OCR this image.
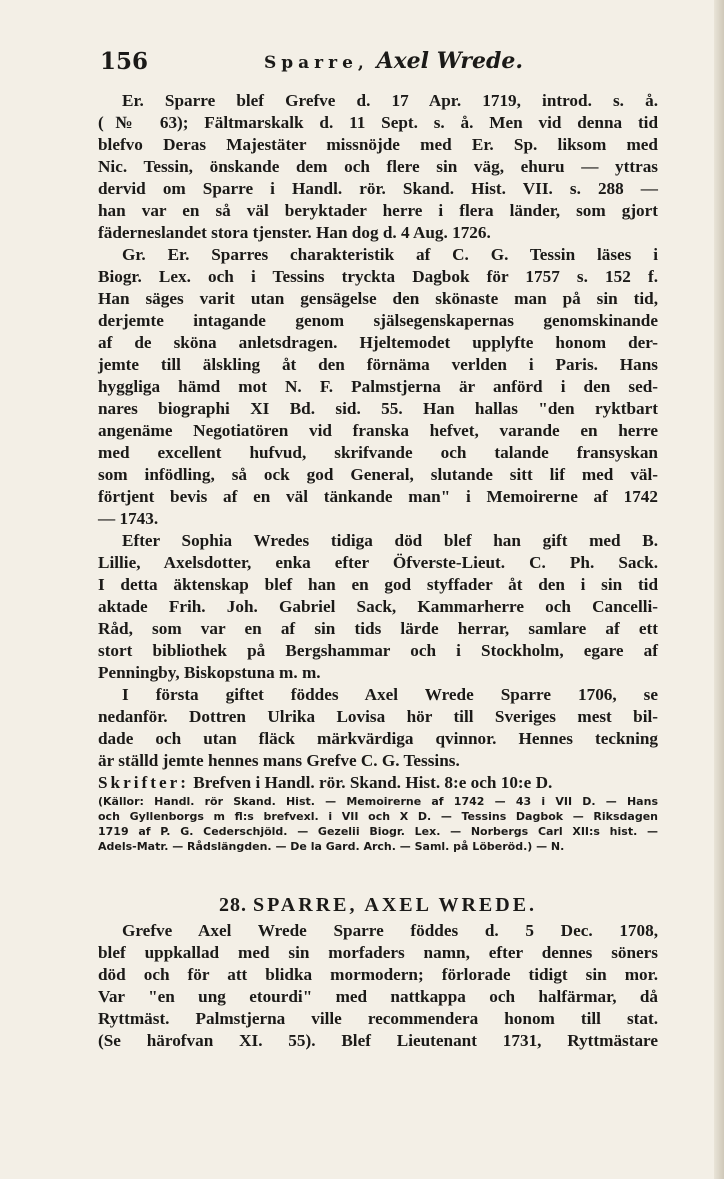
156	Sparre, Axel Wrede.

Er. Sparre blef Grefve d. 17 Apr. 1719, introd. s. å.
(№ 63); Fältmarskalk d. 11 Sept. s. å. Men vid denna tid
blefvo Deras Majestäter missnöjde med Er. Sp. liksom med
Nic. Tessin, önskande dem och flere sin väg, ehuru — yttras
dervid om Sparre i Handl. rör. Skand. Hist. VII. s. 288 —
han var en så väl beryktader herre i flera länder, som gjort
fäderneslandet stora tjenster. Han dog d. 4 Aug. 1726.

Gr. Er. Sparres charakteristik af C. G. Tessin läses i
Biogr. Lex. och i Tessins tryckta Dagbok för 1757 s. 152 f.
Han säges varit utan gensägelse den skönaste man på sin tid,
derjemte intagande genom själsegenskapernas genomskinande
af de sköna anletsdragen. Hjeltemodet upplyfte honom der-
jemte till älskling åt den förnäma verlden i Paris. Hans
hyggliga hämd mot N. F. Palmstjerna är anförd i den sed-
nares biographi XI Bd. sid. 55. Han hallas "den ryktbart
angenäme Negotiatören vid franska hefvet, varande en herre
med excellent hufvud, skrifvande och talande fransyskan
som infödling, så ock god General, slutande sitt lif med väl-
förtjent bevis af en väl tänkande man" i Memoirerne af 1742
— 1743.

Efter Sophia Wredes tidiga död blef han gift med B.
Lillie, Axelsdotter, enka efter Öfverste-Lieut. C. Ph. Sack.
I detta äktenskap blef han en god styffader åt den i sin tid
aktade Frih. Joh. Gabriel Sack, Kammarherre och Cancelli-
Råd, som var en af sin tids lärde herrar, samlare af ett
stort bibliothek på Bergshammar och i Stockholm, egare af
Penningby, Biskopstuna m. m.

I första giftet föddes Axel Wrede Sparre 1706, se
nedanför. Dottren Ulrika Lovisa hör till Sveriges mest bil-
dade och utan fläck märkvärdiga qvinnor. Hennes teckning
är ställd jemte hennes mans Grefve C. G. Tessins.

Skrifter: Brefven i Handl. rör. Skand. Hist. 8:e och 10:e D.

(Källor: Handl. rör Skand. Hist. — Memoirerne af 1742 — 43 i VII D. — Hans
och Gyllenborgs m fl:s brefvexl. i VII och X D. — Tessins Dagbok — Riksdagen
1719 af P. G. Cederschjöld. — Gezelii Biogr. Lex. — Norbergs Carl XII:s hist. —
Adels-Matr. — Rådslängden. — De la Gard. Arch. — Saml. på Löberöd.) — N.

28. SPARRE, AXEL WREDE.

Grefve Axel Wrede Sparre föddes d. 5 Dec. 1708,
blef uppkallad med sin morfaders namn, efter dennes söners
död och för att blidka mormodern; förlorade tidigt sin mor.
Var "en ung etourdi" med nattkappa och halfärmar, då
Ryttmäst. Palmstjerna ville recommendera honom till stat.
(Se härofvan XI. 55). Blef Lieutenant 1731, Ryttmästare
